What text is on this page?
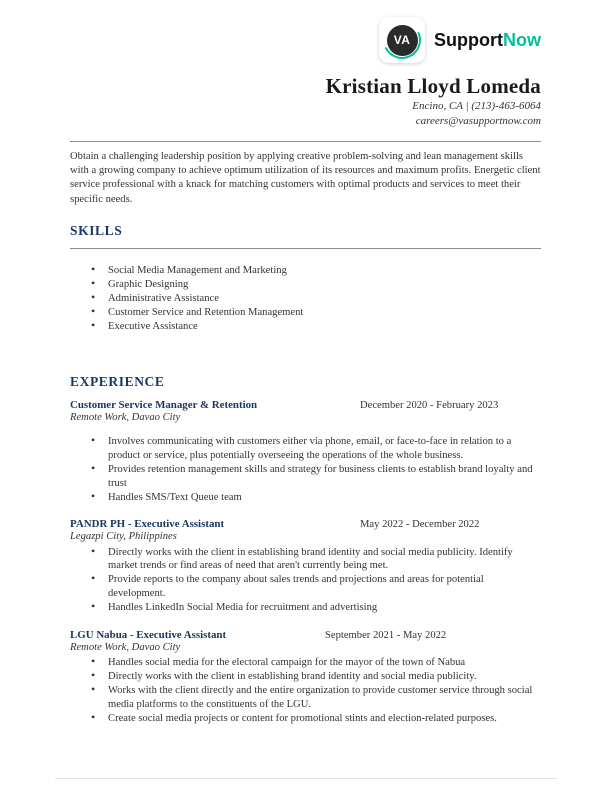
VA	SupportNow
Kristian Lloyd Lomeda
Encino, CA | (213)-463-6064
careers@vasupportnow.com

Obtain a challenging leadership position by applying creative problem-solving and lean management skills with a growing company to achieve optimum utilization of its resources and maximum profits. Energetic client service professional with a knack for matching customers with optimal products and services to meet their specific needs.

SKILLS
• Social Media Management and Marketing
• Graphic Designing
• Administrative Assistance
• Customer Service and Retention Management
• Executive Assistance
EXPERIENCE
Customer Service Manager & Retention	December 2020 - February 2023
Remote Work, Davao City
• Involves communicating with customers either via phone, email, or face-to-face in relation to a product or service, plus potentially overseeing the operations of the whole business.
• Provides retention management skills and strategy for business clients to establish brand loyalty and trust
• Handles SMS/Text Queue team
PANDR PH - Executive Assistant	May 2022 - December 2022
Legazpi City, Philippines
• Directly works with the client in establishing brand identity and social media publicity. Identify market trends or find areas of need that aren't currently being met.
• Provide reports to the company about sales trends and projections and areas for potential development.
• Handles LinkedIn Social Media for recruitment and advertising
LGU Nabua - Executive Assistant	September 2021 - May 2022
Remote Work, Davao City
• Handles social media for the electoral campaign for the mayor of the town of Nabua
• Directly works with the client in establishing brand identity and social media publicity.
• Works with the client directly and the entire organization to provide customer service through social media platforms to the constituents of the LGU.
• Create social media projects or content for promotional stints and election-related purposes.
